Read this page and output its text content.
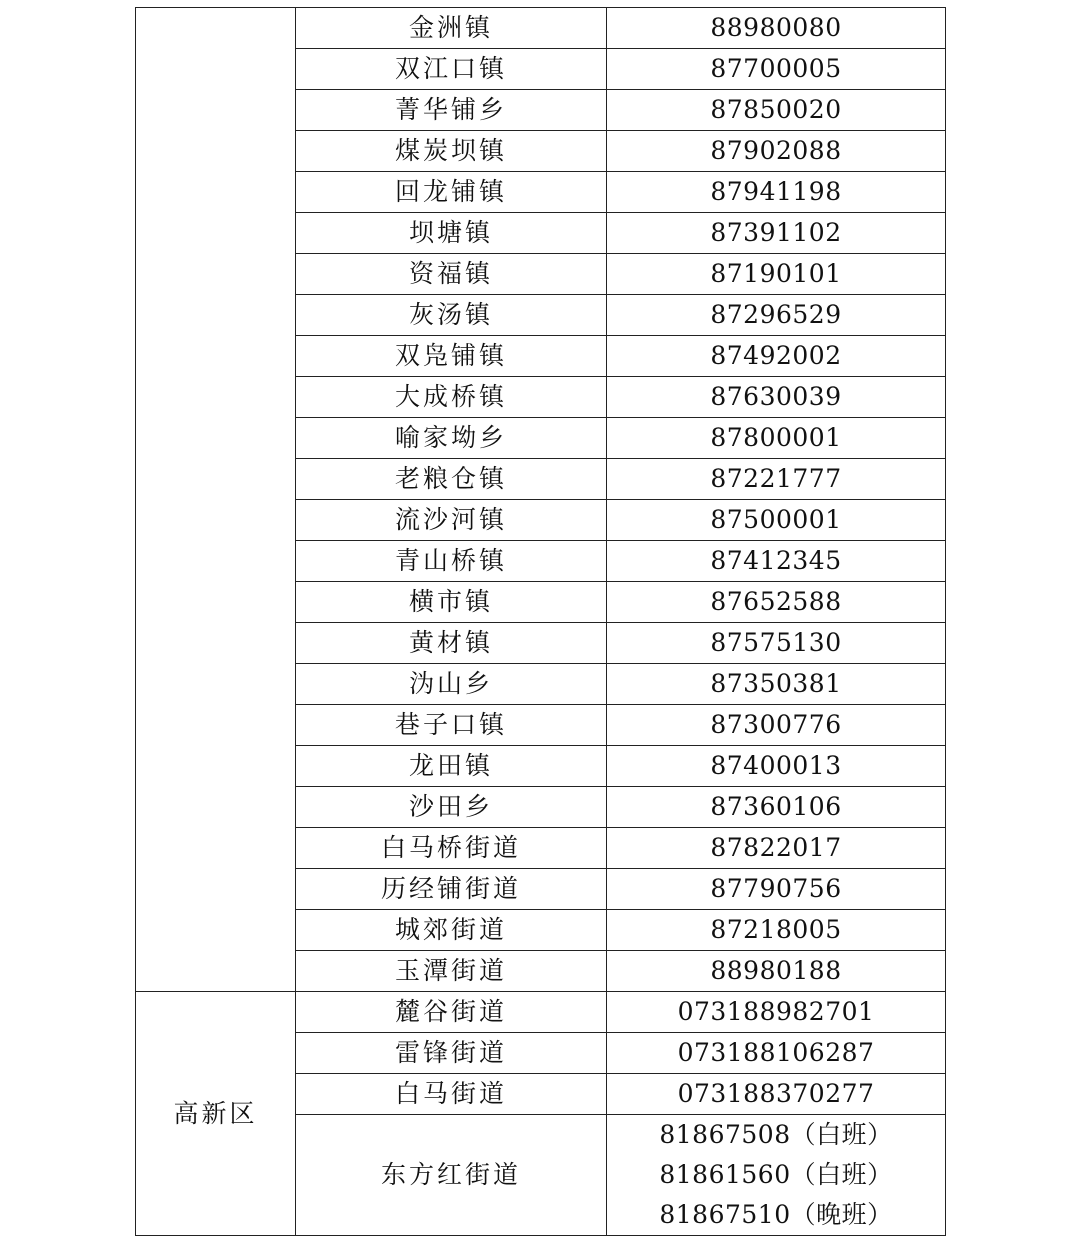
	金洲镇	88980080
	双江口镇	87700005
	菁华铺乡	87850020
	煤炭坝镇	87902088
	回龙铺镇	87941198
	坝塘镇	87391102
	资福镇	87190101
	灰汤镇	87296529
	双凫铺镇	87492002
	大成桥镇	87630039
	喻家坳乡	87800001
	老粮仓镇	87221777
	流沙河镇	87500001
	青山桥镇	87412345
	横市镇	87652588
	黄材镇	87575130
	沩山乡	87350381
	巷子口镇	87300776
	龙田镇	87400013
	沙田乡	87360106
	白马桥街道	87822017
	历经铺街道	87790756
	城郊街道	87218005
	玉潭街道	88980188
高新区	麓谷街道	073188982701
	雷锋街道	073188106287
	白马街道	073188370277
	东方红街道	81867508（白班）
81861560（白班）
81867510（晚班）
